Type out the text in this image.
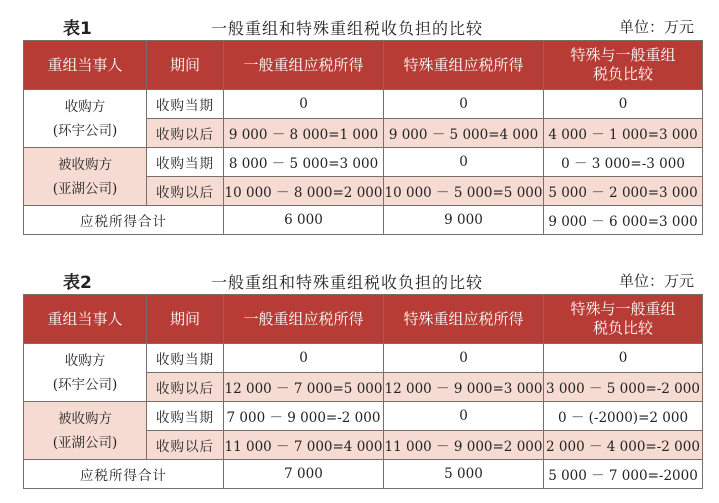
表1	一般重组和特殊重组税收负担的比较	单位：万元
重组当事人	期间	一般重组应税所得	特殊重组应税所得	特殊与一般重组
税负比较
收购方
(环宇公司)	收购当期	0	0	0
	收购以后	9 000 － 8 000=1 000	9 000 － 5 000=4 000	4 000 － 1 000=3 000
被收购方
(亚湖公司)	收购当期	8 000 － 5 000=3 000	0	0 － 3 000=-3 000
	收购以后	10 000 － 8 000=2 000	10 000 － 5 000=5 000	5 000 － 2 000=3 000
应税所得合计		6 000	9 000	9 000 － 6 000=3 000
表2	一般重组和特殊重组税收负担的比较	单位：万元
重组当事人	期间	一般重组应税所得	特殊重组应税所得	特殊与一般重组
税负比较
收购方
(环宇公司)	收购当期	0	0	0
	收购以后	12 000 － 7 000=5 000	12 000 － 9 000=3 000	3 000 － 5 000=-2 000
被收购方
(亚湖公司)	收购当期	7 000 － 9 000=-2 000	0	0 － (-2000)=2 000
	收购以后	11 000 － 7 000=4 000	11 000 － 9 000=2 000	2 000 － 4 000=-2 000
应税所得合计		7 000	5 000	5 000 － 7 000=-2000
